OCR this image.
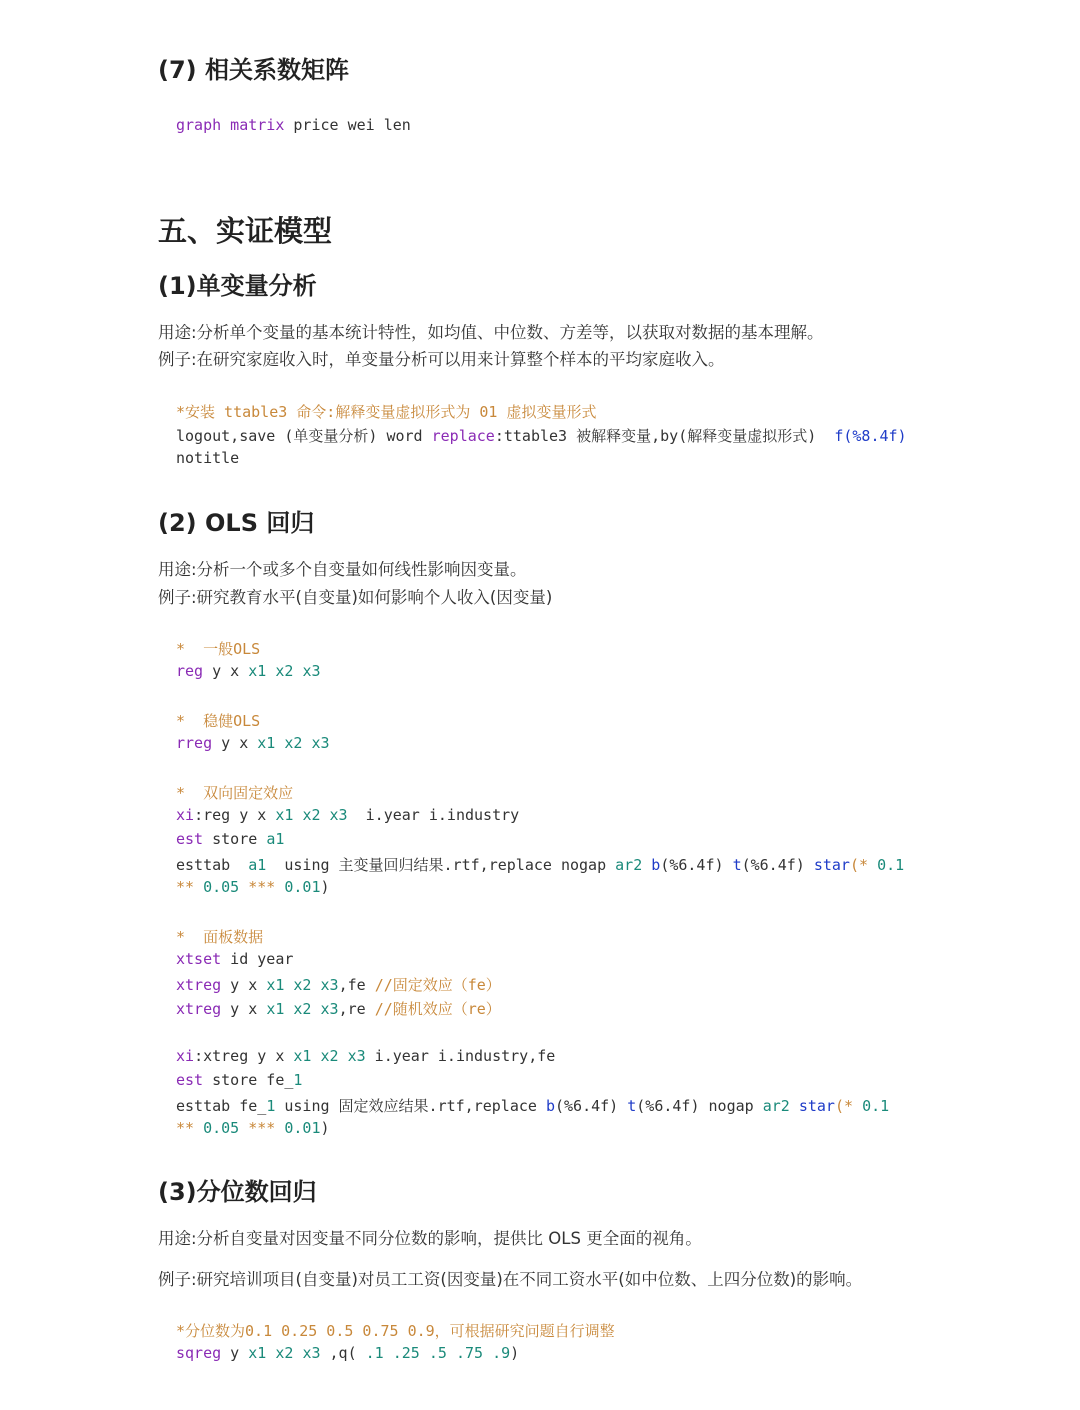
(7) 相关系数矩阵
graph matrix price wei len
五、实证模型
(1)单变量分析
用途:分析单个变量的基本统计特性，如均值、中位数、方差等，以获取对数据的基本理解。
例子:在研究家庭收入时，单变量分析可以用来计算整个样本的平均家庭收入。
*安装 ttable3 命令:解释变量虚拟形式为 01 虚拟变量形式
logout,save (单变量分析) word replace:ttable3 被解释变量,by(解释变量虚拟形式)  f(%8.4f)
notitle
(2) OLS 回归
用途:分析一个或多个自变量如何线性影响因变量。
例子:研究教育水平(自变量)如何影响个人收入(因变量)
*  一般OLS
reg y x x1 x2 x3
*  稳健OLS
rreg y x x1 x2 x3
*  双向固定效应
xi:reg y x x1 x2 x3  i.year i.industry
est store a1
esttab  a1  using 主变量回归结果.rtf,replace nogap ar2 b(%6.4f) t(%6.4f) star(* 0.1
** 0.05 *** 0.01)
*  面板数据
xtset id year
xtreg y x x1 x2 x3,fe //固定效应（fe）
xtreg y x x1 x2 x3,re //随机效应（re）
xi:xtreg y x x1 x2 x3 i.year i.industry,fe
est store fe_1
esttab fe_1 using 固定效应结果.rtf,replace b(%6.4f) t(%6.4f) nogap ar2 star(* 0.1
** 0.05 *** 0.01)
(3)分位数回归
用途:分析自变量对因变量不同分位数的影响，提供比 OLS 更全面的视角。
例子:研究培训项目(自变量)对员工工资(因变量)在不同工资水平(如中位数、上四分位数)的影响。
*分位数为0.1 0.25 0.5 0.75 0.9，可根据研究问题自行调整
sqreg y x1 x2 x3 ,q( .1 .25 .5 .75 .9)
